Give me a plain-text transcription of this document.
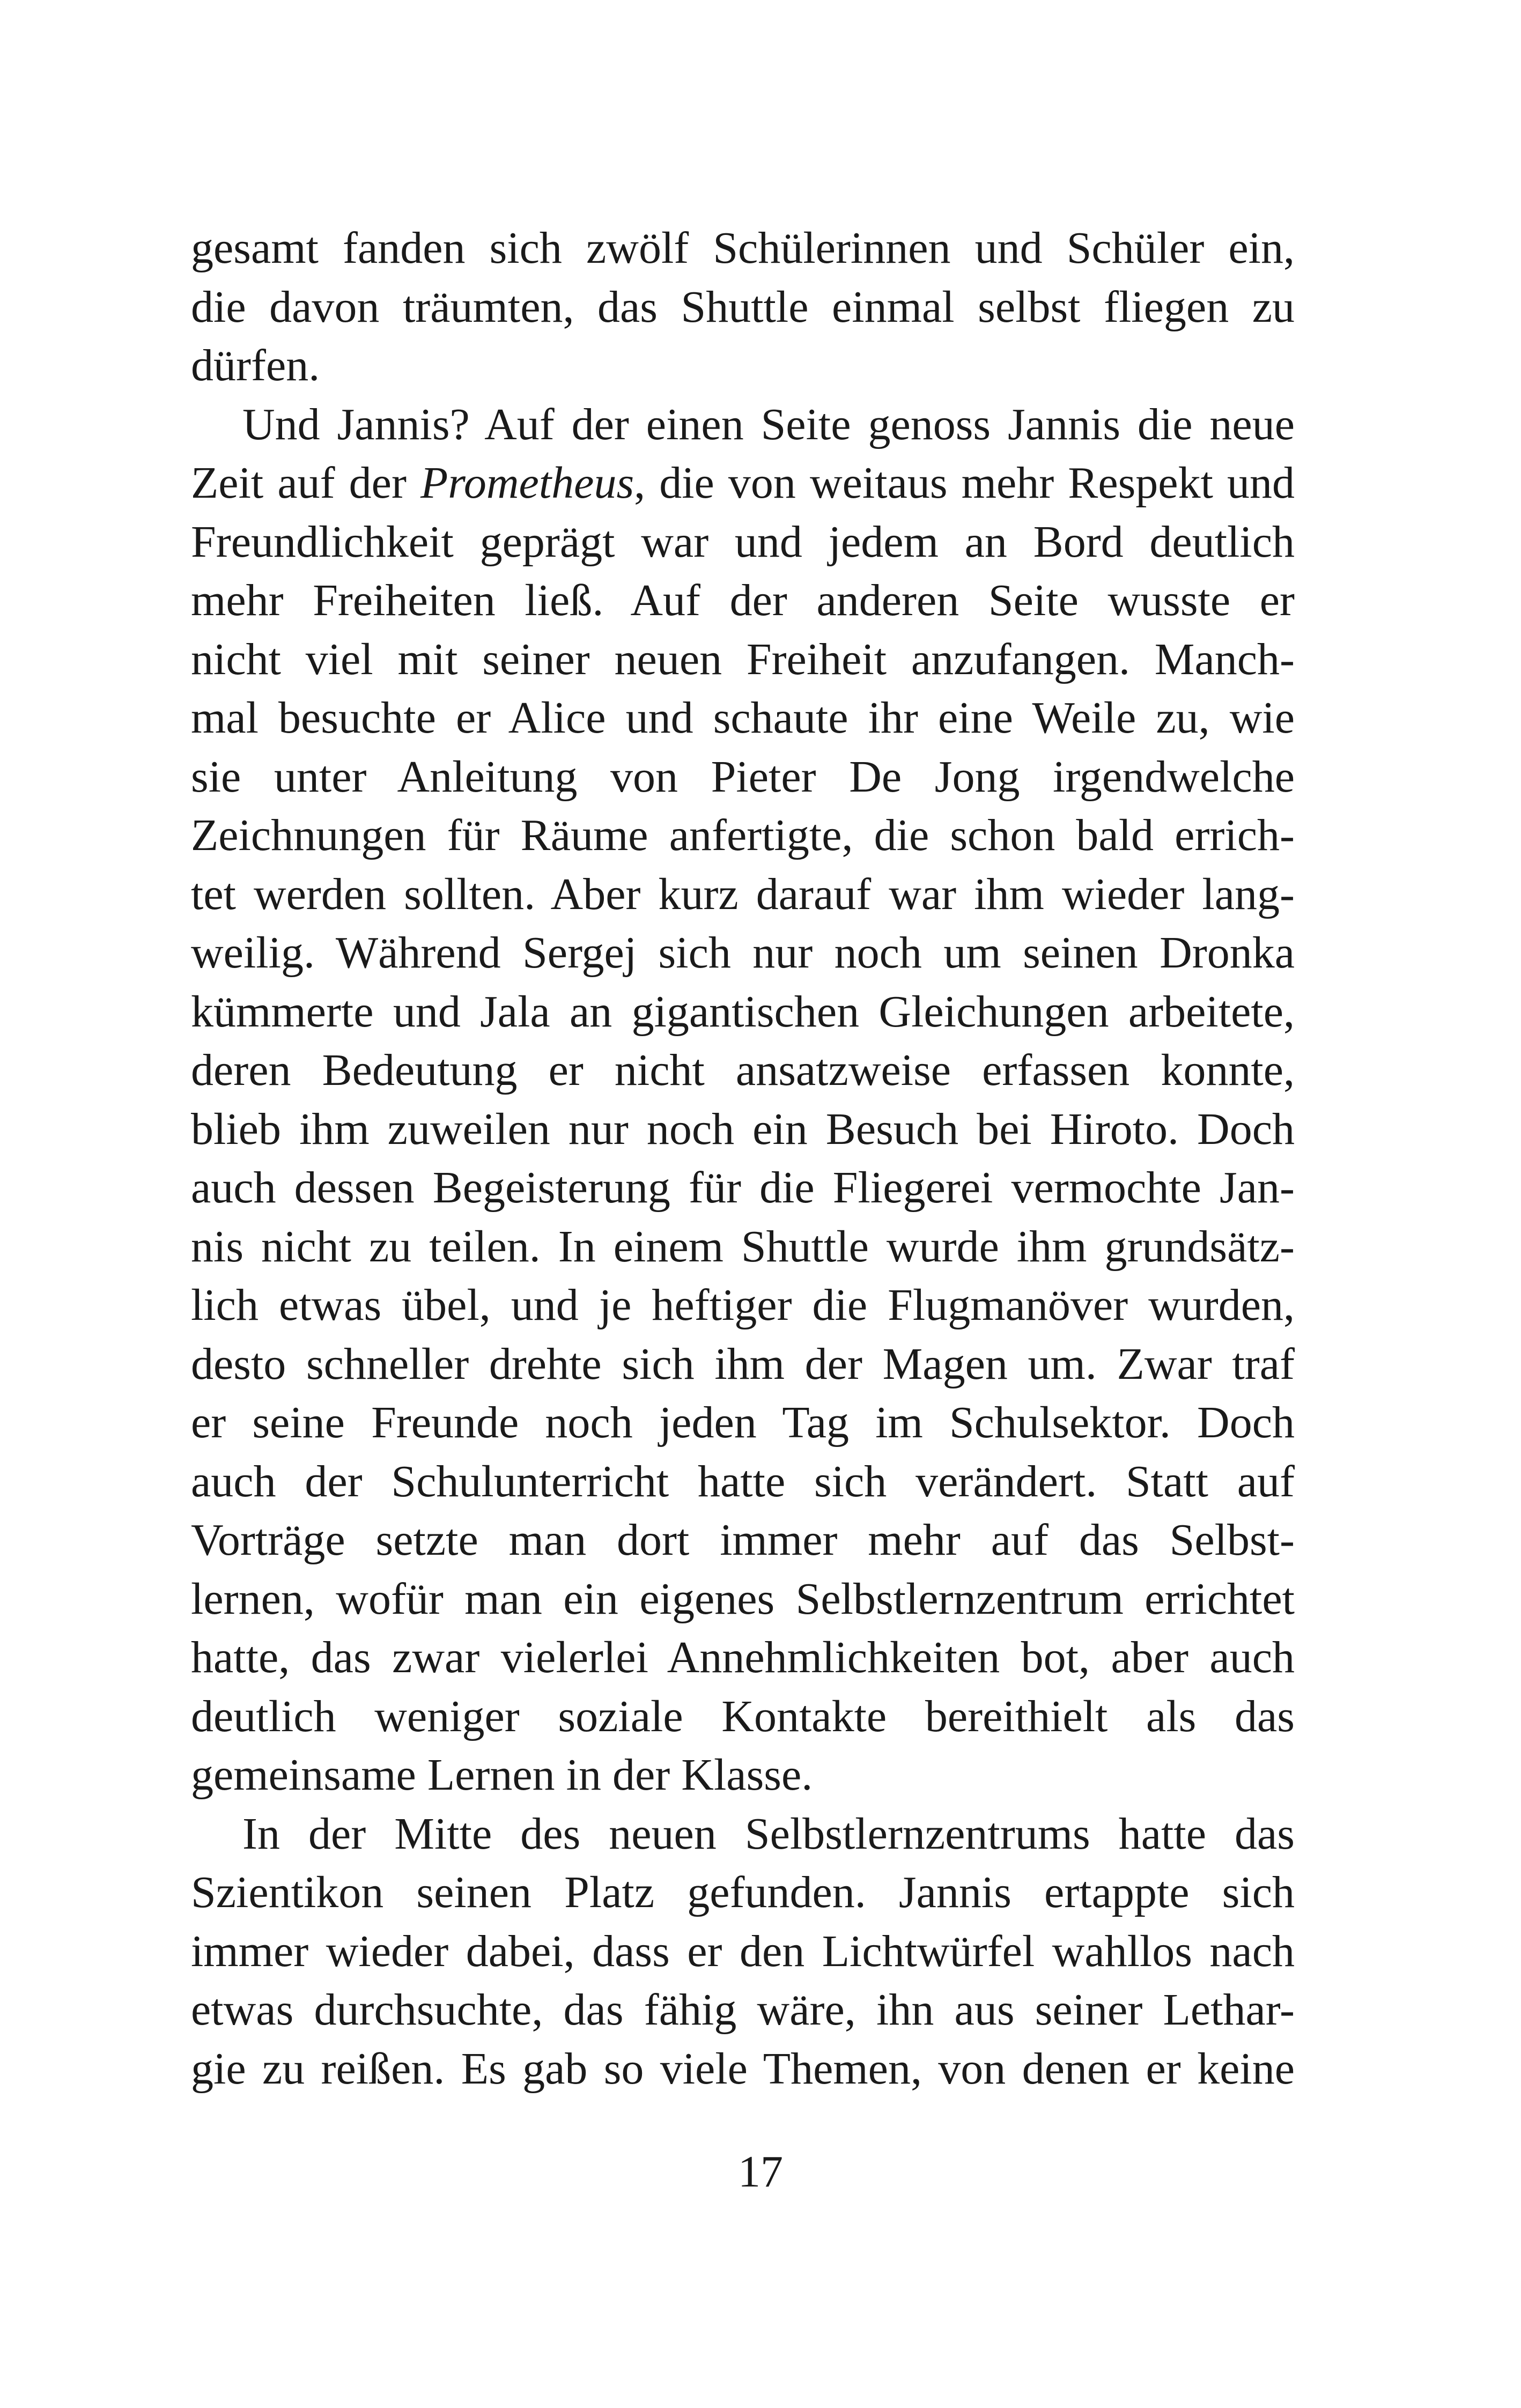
gesamt fanden sich zwölf Schülerinnen und Schüler ein,
die davon träumten, das Shuttle einmal selbst fliegen zu
dürfen.
Und Jannis? Auf der einen Seite genoss Jannis die neue
Zeit auf der Prometheus, die von weitaus mehr Respekt und
Freundlichkeit geprägt war und jedem an Bord deutlich
mehr Freiheiten ließ. Auf der anderen Seite wusste er
nicht viel mit seiner neuen Freiheit anzufangen. Manch-
mal besuchte er Alice und schaute ihr eine Weile zu, wie
sie unter Anleitung von Pieter De Jong irgendwelche
Zeichnungen für Räume anfertigte, die schon bald errich-
tet werden sollten. Aber kurz darauf war ihm wieder lang-
weilig. Während Sergej sich nur noch um seinen Dronka
kümmerte und Jala an gigantischen Gleichungen arbeitete,
deren Bedeutung er nicht ansatzweise erfassen konnte,
blieb ihm zuweilen nur noch ein Besuch bei Hiroto. Doch
auch dessen Begeisterung für die Fliegerei vermochte Jan-
nis nicht zu teilen. In einem Shuttle wurde ihm grundsätz-
lich etwas übel, und je heftiger die Flugmanöver wurden,
desto schneller drehte sich ihm der Magen um. Zwar traf
er seine Freunde noch jeden Tag im Schulsektor. Doch
auch der Schulunterricht hatte sich verändert. Statt auf
Vorträge setzte man dort immer mehr auf das Selbst-
lernen, wofür man ein eigenes Selbstlernzentrum errichtet
hatte, das zwar vielerlei Annehmlichkeiten bot, aber auch
deutlich weniger soziale Kontakte bereithielt als das
gemeinsame Lernen in der Klasse.
In der Mitte des neuen Selbstlernzentrums hatte das
Szientikon seinen Platz gefunden. Jannis ertappte sich
immer wieder dabei, dass er den Lichtwürfel wahllos nach
etwas durchsuchte, das fähig wäre, ihn aus seiner Lethar-
gie zu reißen. Es gab so viele Themen, von denen er keine
17
